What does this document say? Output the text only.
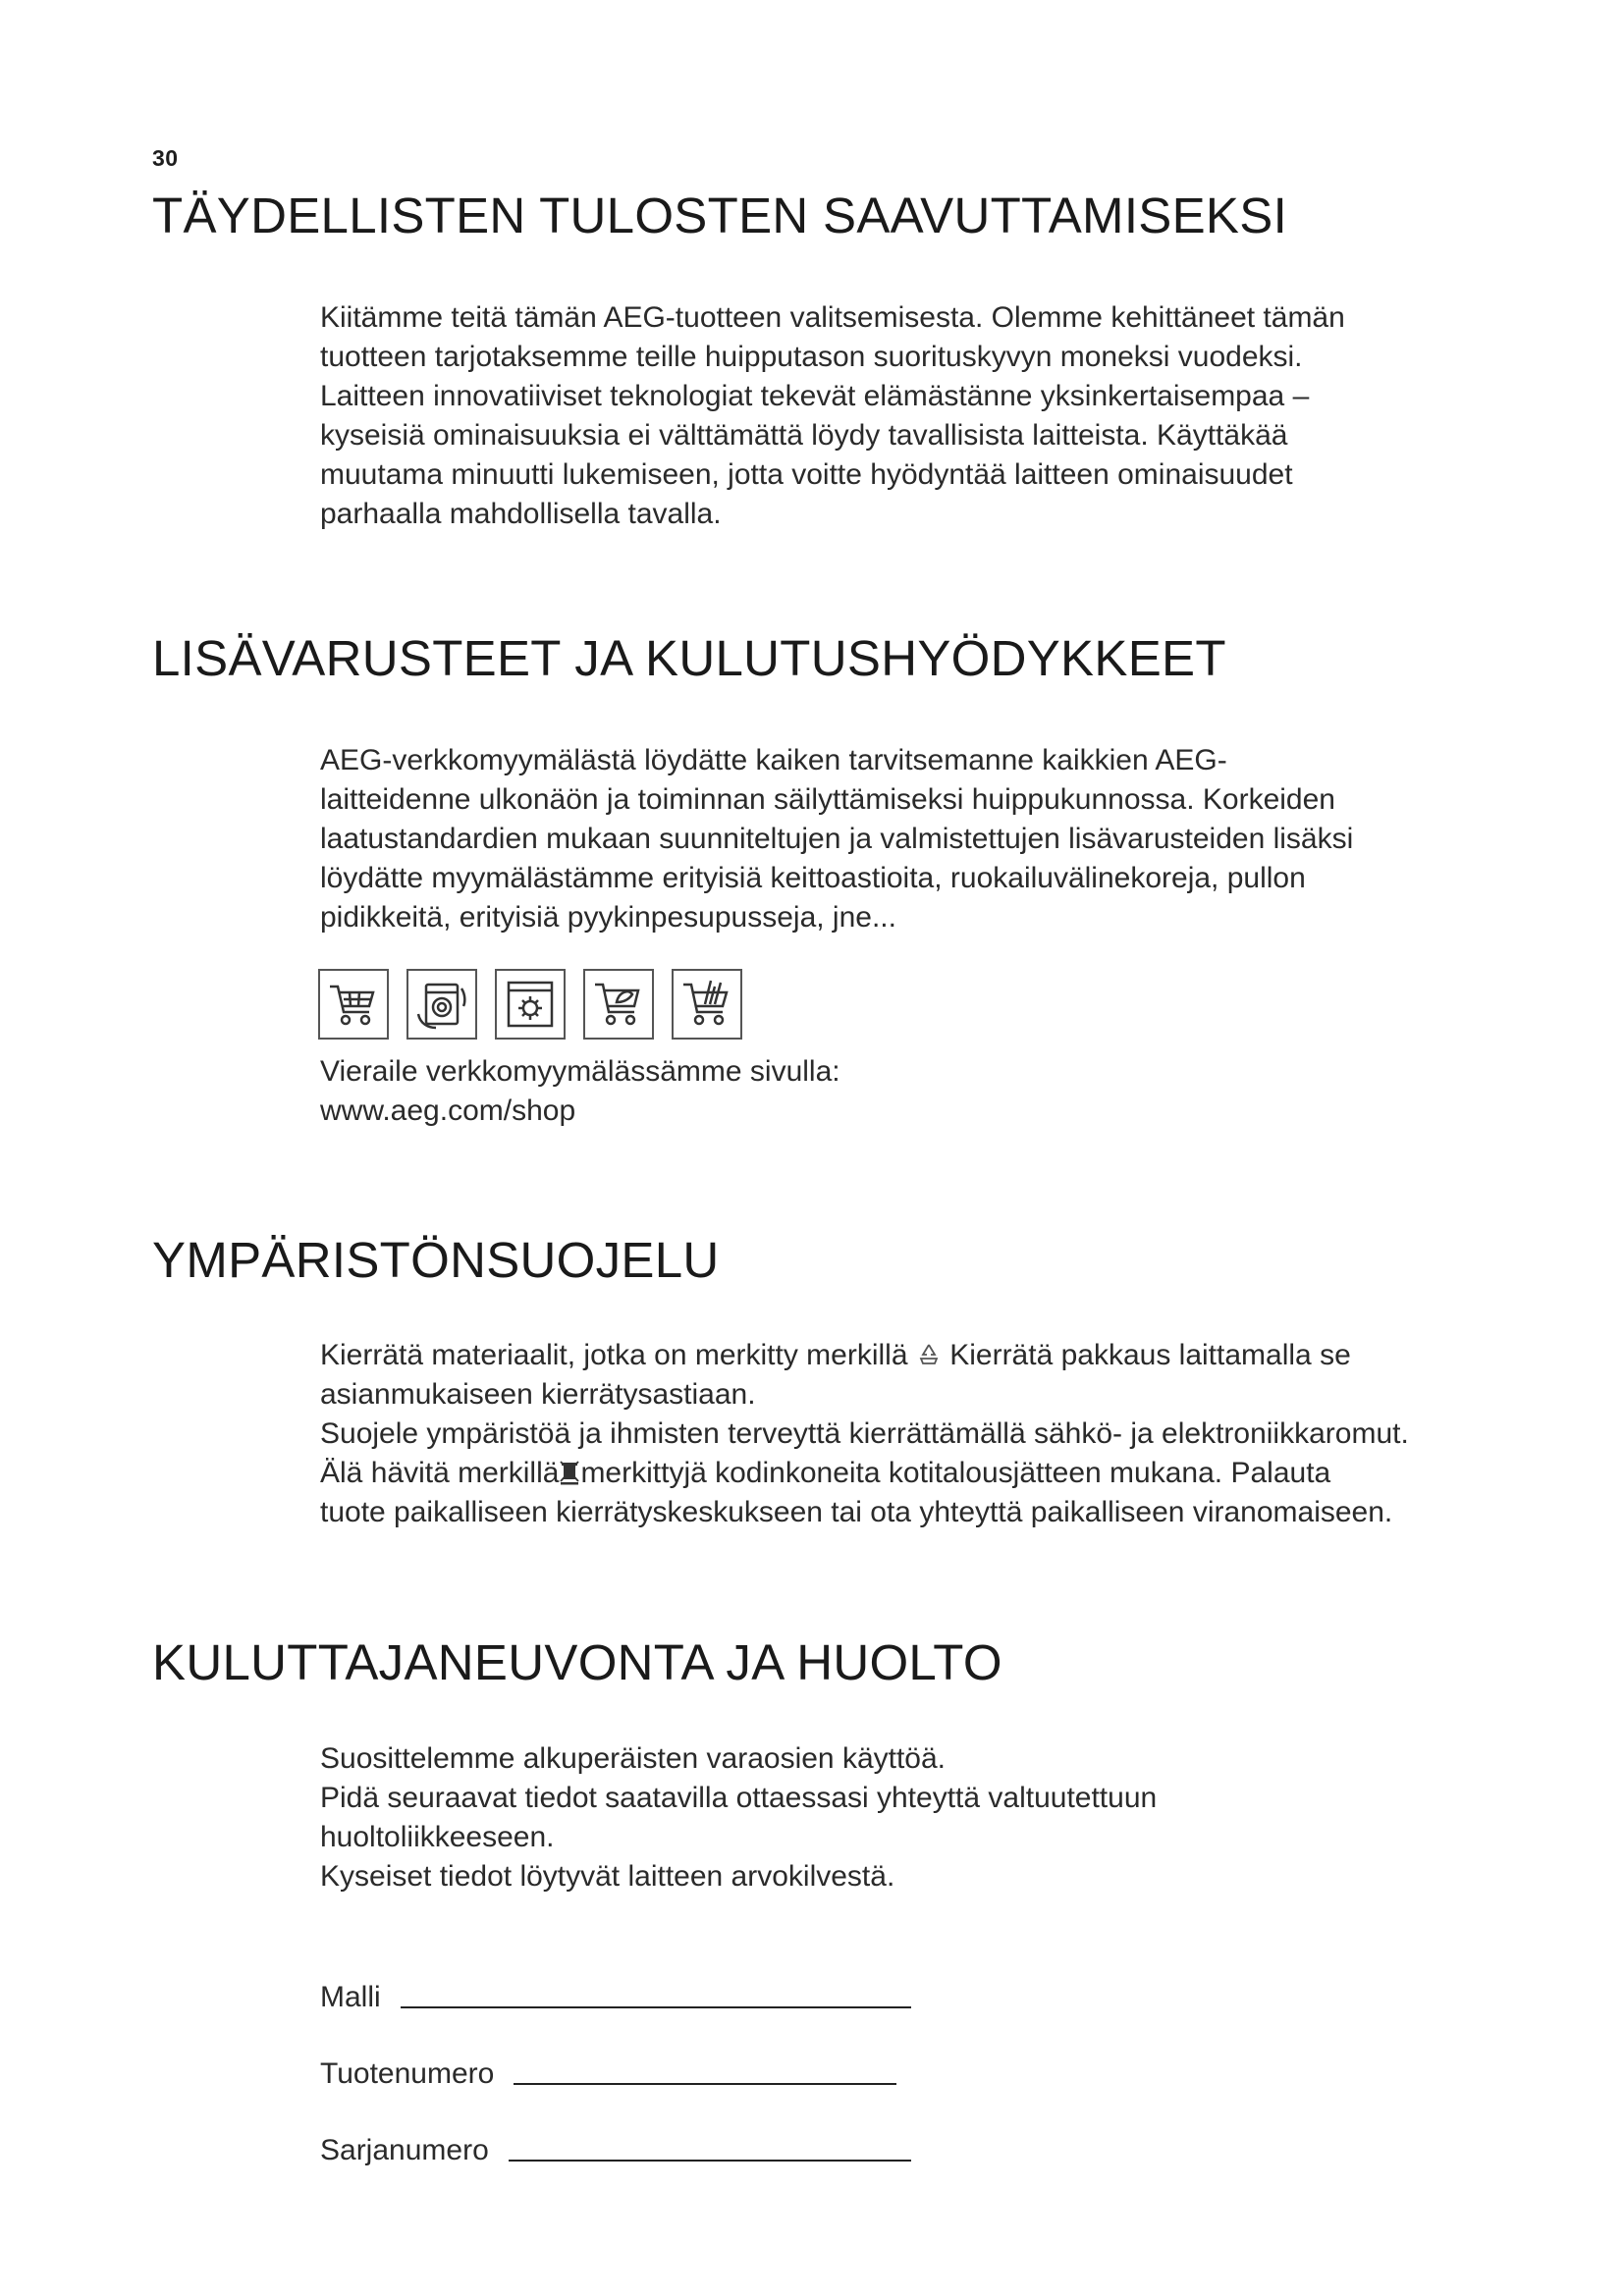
30
TÄYDELLISTEN TULOSTEN SAAVUTTAMISEKSI

Kiitämme teitä tämän AEG-tuotteen valitsemisesta. Olemme kehittäneet tämän
tuotteen tarjotaksemme teille huipputason suorituskyvyn moneksi vuodeksi.
Laitteen innovatiiviset teknologiat tekevät elämästänne yksinkertaisempaa –
kyseisiä ominaisuuksia ei välttämättä löydy tavallisista laitteista. Käyttäkää
muutama minuutti lukemiseen, jotta voitte hyödyntää laitteen ominaisuudet
parhaalla mahdollisella tavalla.

LISÄVARUSTEET JA KULUTUSHYÖDYKKEET

AEG-verkkomyymälästä löydätte kaiken tarvitsemanne kaikkien AEG-
laitteidenne ulkonäön ja toiminnan säilyttämiseksi huippukunnossa. Korkeiden
laatustandardien mukaan suunniteltujen ja valmistettujen lisävarusteiden lisäksi
löydätte myymälästämme erityisiä keittoastioita, ruokailuvälinekoreja, pullon
pidikkeitä, erityisiä pyykinpesupusseja, jne...

Vieraile verkkomyymälässämme sivulla:
www.aeg.com/shop

YMPÄRISTÖNSUOJELU

Kierrätä materiaalit, jotka on merkitty merkillä Kierrätä pakkaus laittamalla se
asianmukaiseen kierrätysastiaan.
Suojele ympäristöä ja ihmisten terveyttä kierrättämällä sähkö- ja elektroniikkaromut.
Älä hävitä merkillä merkittyjä kodinkoneita kotitalousjätteen mukana. Palauta
tuote paikalliseen kierrätyskeskukseen tai ota yhteyttä paikalliseen viranomaiseen.

KULUTTAJANEUVONTA JA HUOLTO

Suosittelemme alkuperäisten varaosien käyttöä.
Pidä seuraavat tiedot saatavilla ottaessasi yhteyttä valtuutettuun
huoltoliikkeeseen.
Kyseiset tiedot löytyvät laitteen arvokilvestä.

Malli
Tuotenumero
Sarjanumero
